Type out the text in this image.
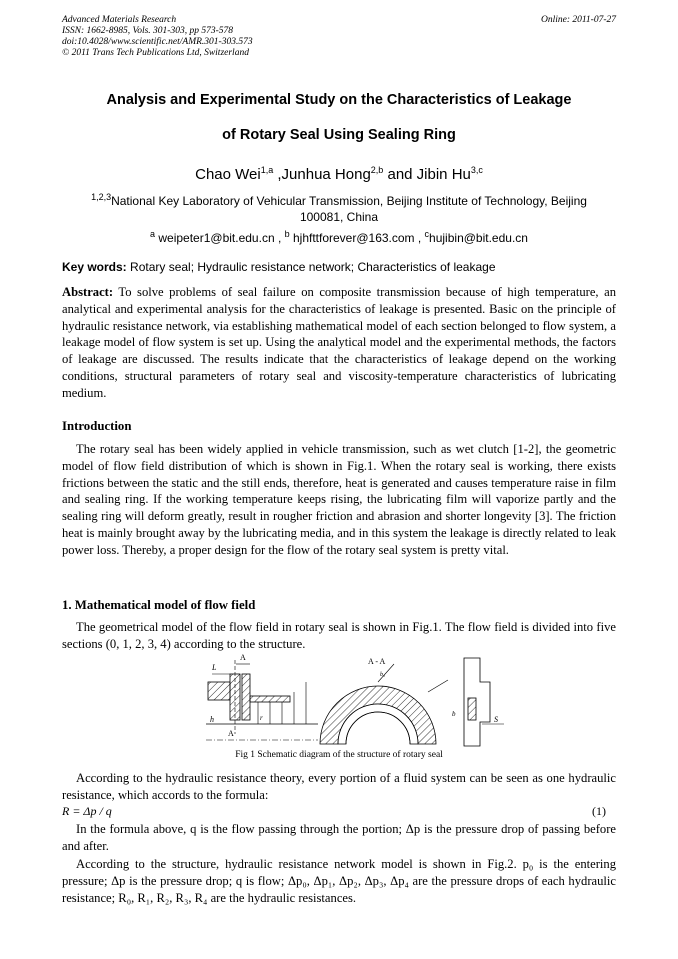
Advanced Materials Research
ISSN: 1662-8985, Vols. 301-303, pp 573-578
doi:10.4028/www.scientific.net/AMR.301-303.573
© 2011 Trans Tech Publications Ltd, Switzerland
Online: 2011-07-27
Analysis and Experimental Study on the Characteristics of Leakage
of Rotary Seal Using Sealing Ring
Chao Wei$^{1,a}$ ,Junhua Hong$^{2,b}$ and Jibin Hu$^{3,c}$
$^{1,2,3}$National Key Laboratory of Vehicular Transmission, Beijing Institute of Technology, Beijing
100081, China
$^a$ weipeter1@bit.edu.cn , $^b$ hjhfttforever@163.com , $^c$hujibin@bit.edu.cn
Key words: Rotary seal; Hydraulic resistance network; Characteristics of leakage
Abstract: To solve problems of seal failure on composite transmission because of high temperature, an analytical and experimental analysis for the characteristics of leakage is presented. Basic on the principle of hydraulic resistance network, via establishing mathematical model of each section belonged to flow system, a leakage model of flow system is set up. Using the analytical model and the experimental methods, the factors of leakage are discussed. The results indicate that the characteristics of leakage depend on the working conditions, structural parameters of rotary seal and viscosity-temperature characteristics of lubricating medium.
Introduction
The rotary seal has been widely applied in vehicle transmission, such as wet clutch [1-2], the geometric model of flow field distribution of which is shown in Fig.1. When the rotary seal is working, there exists frictions between the static and the still ends, therefore, heat is generated and causes temperature raise in film and sealing ring. If the working temperature keeps rising, the lubricating film will vaporize partly and the sealing ring will deform greatly, result in rougher friction and abrasion and shorter longevity [3]. The friction heat is mainly brought away by the lubricating media, and in this system the leakage is directly related to leak power loss. Thereby, a proper design for the flow of the rotary seal system is pretty vital.
1. Mathematical model of flow field
The geometrical model of the flow field in rotary seal is shown in Fig.1. The flow field is divided into five sections (0, 1, 2, 3, 4) according to the structure.
L
A
A
h	r
A - A
b₀
b
S
Fig 1 Schematic diagram of the structure of rotary seal
According to the hydraulic resistance theory, every portion of a fluid system can be seen as one hydraulic resistance, which accords to the formula:
R = Δp / q	(1)
In the formula above, q is the flow passing through the portion; Δp is the pressure drop of passing before and after.
According to the structure, hydraulic resistance network model is shown in Fig.2. p₀ is the entering pressure; Δp is the pressure drop; q is flow; Δp₀, Δp₁, Δp₂, Δp₃, Δp₄ are the pressure drops of each hydraulic resistance; R₀, R₁, R₂, R₃, R₄ are the hydraulic resistances.
